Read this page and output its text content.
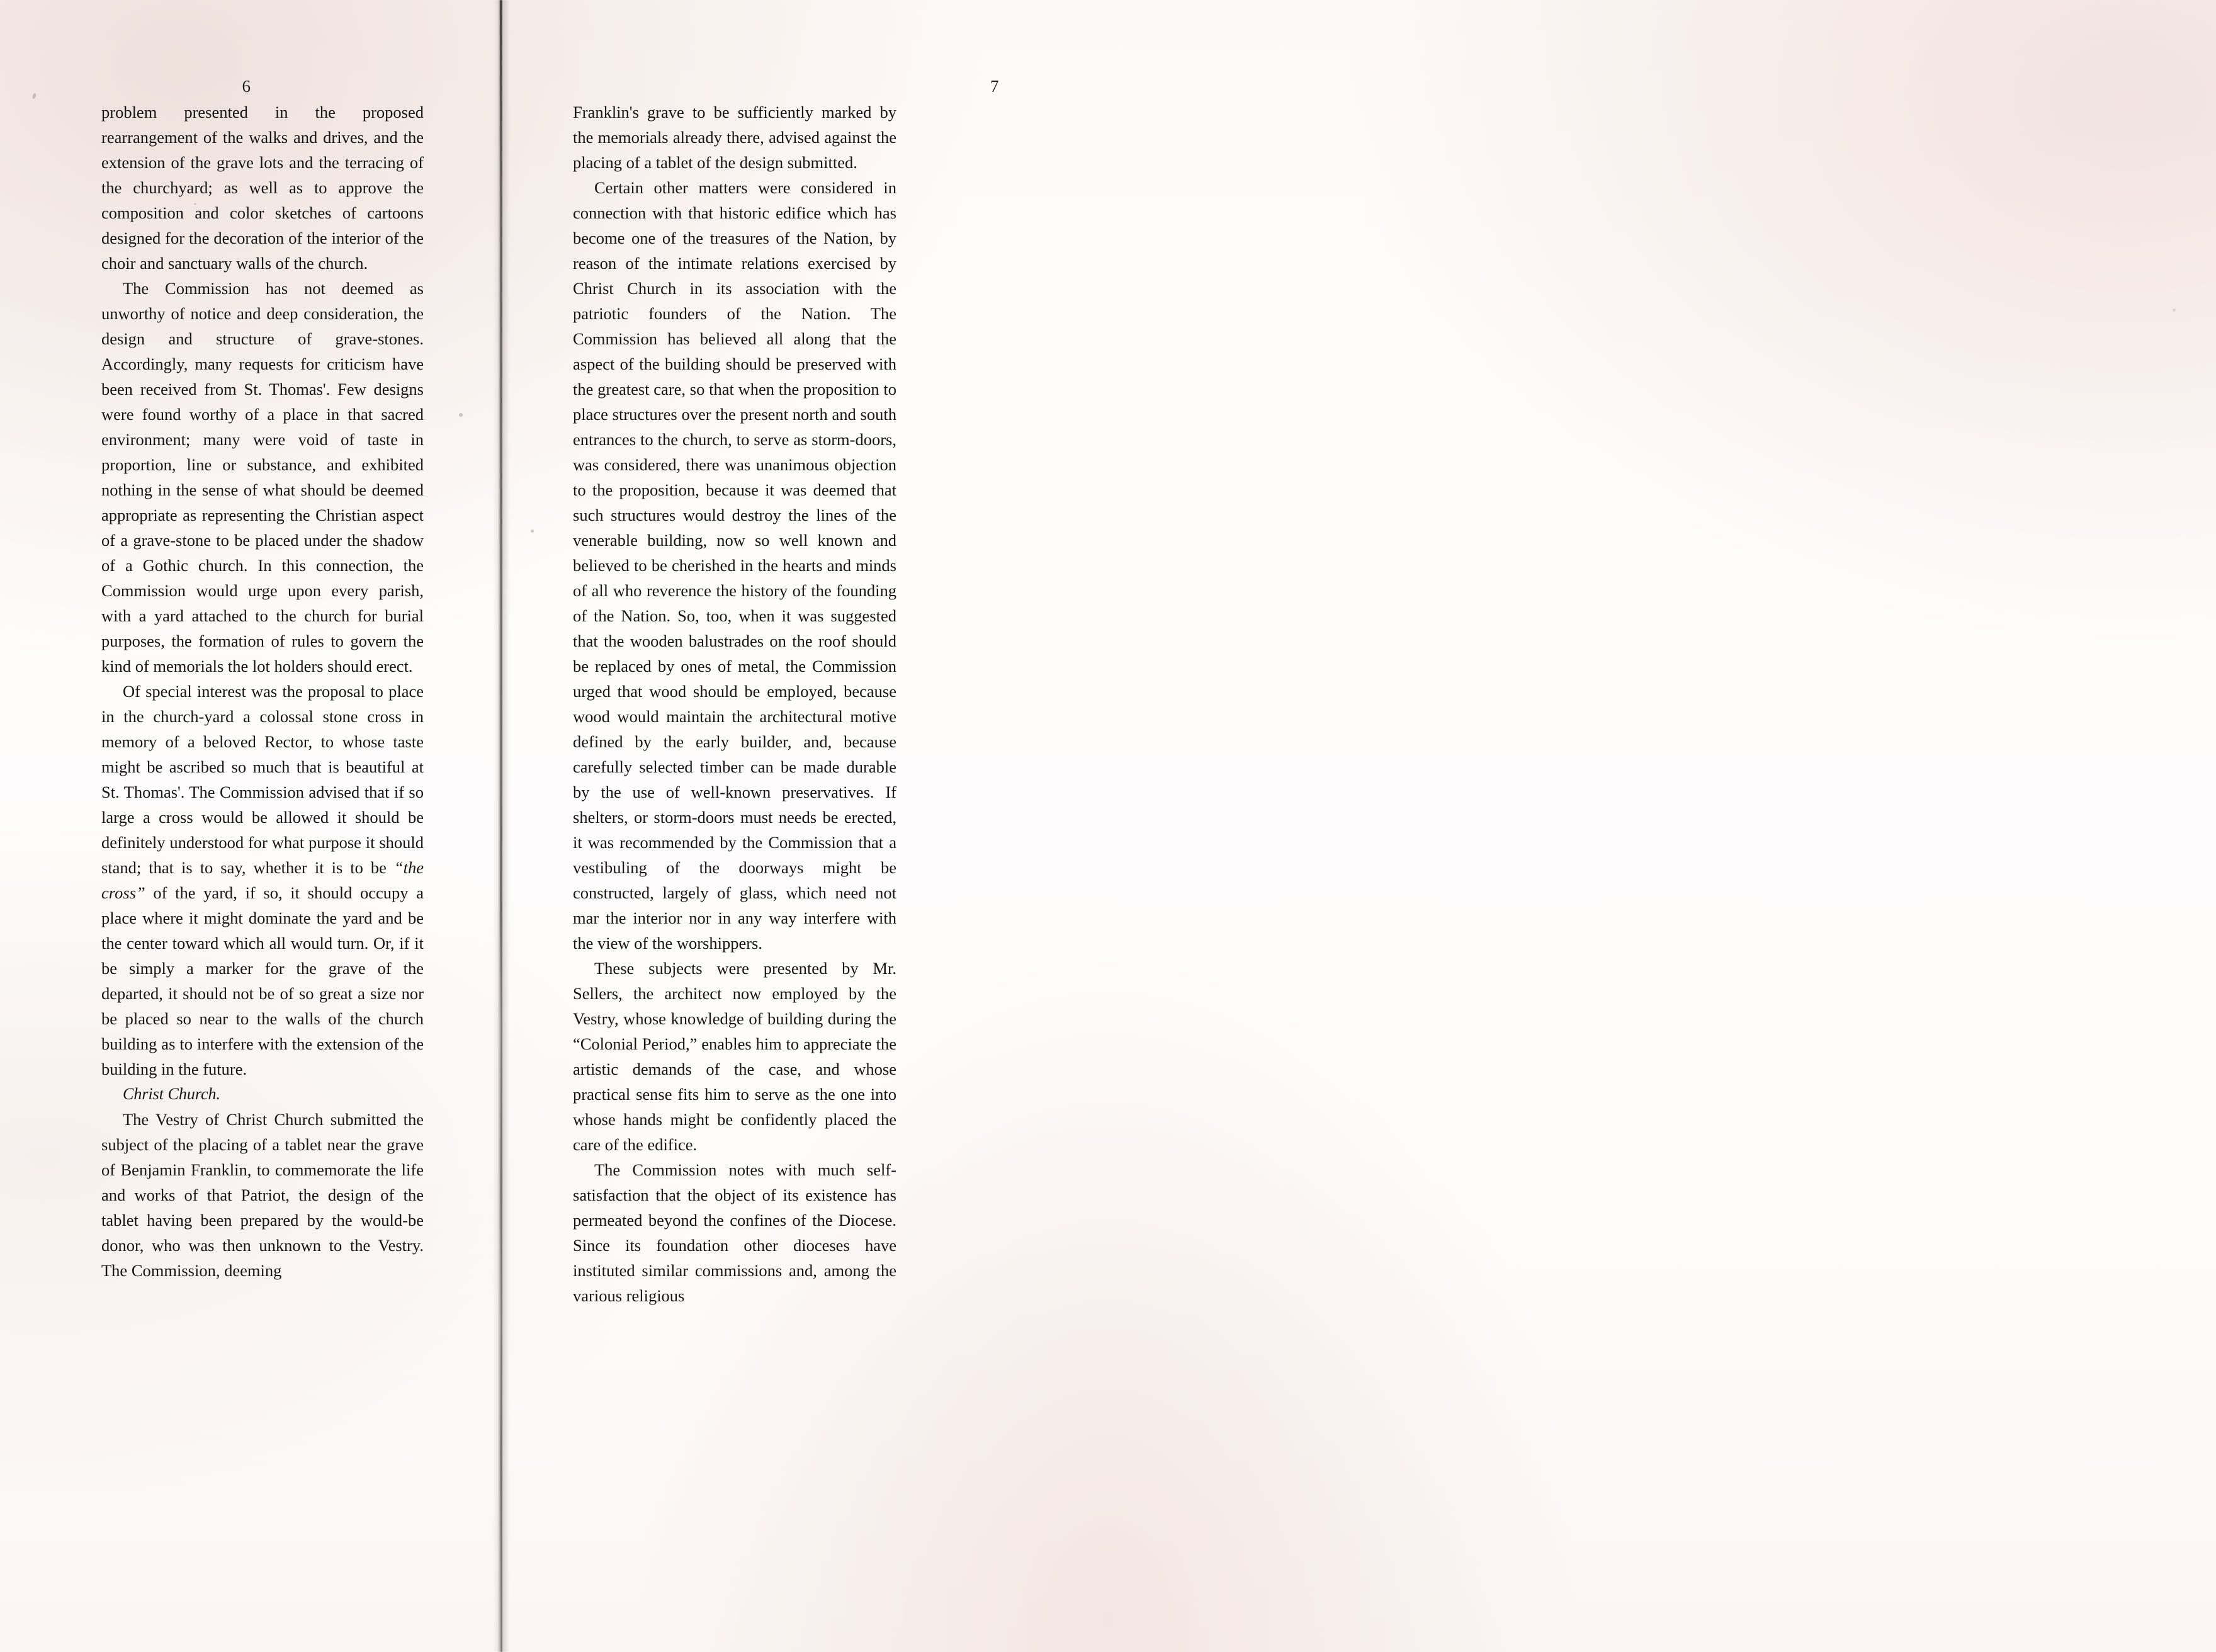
6

problem presented in the proposed rearrangement of the walks and drives, and the extension of the grave lots and the terracing of the churchyard; as well as to approve the composition and color sketches of cartoons designed for the decoration of the interior of the choir and sanctuary walls of the church.

The Commission has not deemed as unworthy of notice and deep consideration, the design and structure of grave-stones. Accordingly, many requests for criticism have been received from St. Thomas'. Few designs were found worthy of a place in that sacred environment; many were void of taste in proportion, line or substance, and exhibited nothing in the sense of what should be deemed appropriate as representing the Christian aspect of a grave-stone to be placed under the shadow of a Gothic church. In this connection, the Commission would urge upon every parish, with a yard attached to the church for burial purposes, the formation of rules to govern the kind of memorials the lot holders should erect.

Of special interest was the proposal to place in the church-yard a colossal stone cross in memory of a beloved Rector, to whose taste might be ascribed so much that is beautiful at St. Thomas'. The Commission advised that if so large a cross would be allowed it should be definitely understood for what purpose it should stand; that is to say, whether it is to be “the cross” of the yard, if so, it should occupy a place where it might dominate the yard and be the center toward which all would turn. Or, if it be simply a marker for the grave of the departed, it should not be of so great a size nor be placed so near to the walls of the church building as to interfere with the extension of the building in the future.

Christ Church.

The Vestry of Christ Church submitted the subject of the placing of a tablet near the grave of Benjamin Franklin, to commemorate the life and works of that Patriot, the design of the tablet having been prepared by the would-be donor, who was then unknown to the Vestry. The Commission, deeming

7

Franklin's grave to be sufficiently marked by the memorials already there, advised against the placing of a tablet of the design submitted.

Certain other matters were considered in connection with that historic edifice which has become one of the treasures of the Nation, by reason of the intimate relations exercised by Christ Church in its association with the patriotic founders of the Nation. The Commission has believed all along that the aspect of the building should be preserved with the greatest care, so that when the proposition to place structures over the present north and south entrances to the church, to serve as storm-doors, was considered, there was unanimous objection to the proposition, because it was deemed that such structures would destroy the lines of the venerable building, now so well known and believed to be cherished in the hearts and minds of all who reverence the history of the founding of the Nation. So, too, when it was suggested that the wooden balustrades on the roof should be replaced by ones of metal, the Commission urged that wood should be employed, because wood would maintain the architectural motive defined by the early builder, and, because carefully selected timber can be made durable by the use of well-known preservatives. If shelters, or storm-doors must needs be erected, it was recommended by the Commission that a vestibuling of the doorways might be constructed, largely of glass, which need not mar the interior nor in any way interfere with the view of the worshippers.

These subjects were presented by Mr. Sellers, the architect now employed by the Vestry, whose knowledge of building during the “Colonial Period,” enables him to appreciate the artistic demands of the case, and whose practical sense fits him to serve as the one into whose hands might be confidently placed the care of the edifice.

The Commission notes with much self-satisfaction that the object of its existence has permeated beyond the confines of the Diocese. Since its foundation other dioceses have instituted similar commissions and, among the various religious
